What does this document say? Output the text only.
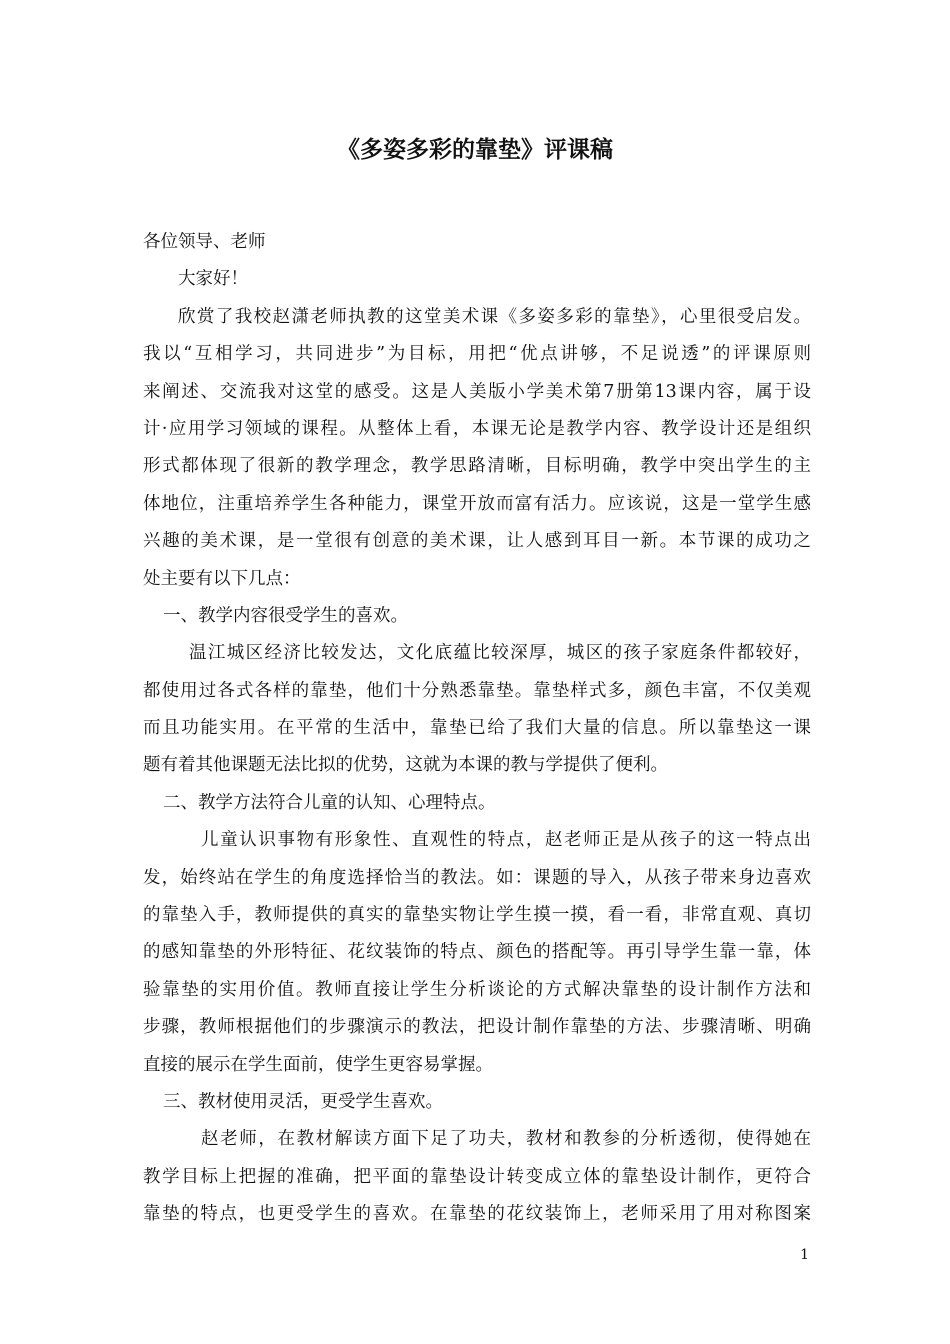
《多姿多彩的靠垫》评课稿
各位领导、老师
大家好！
欣赏了我校赵潇老师执教的这堂美术课《多姿多彩的靠垫》，心里很受启发。
我以“互相学习，共同进步”为目标，用把“优点讲够，不足说透”的评课原则
来阐述、交流我对这堂的感受。这是人美版小学美术第7册第13课内容，属于设
计·应用学习领域的课程。从整体上看，本课无论是教学内容、教学设计还是组织
形式都体现了很新的教学理念，教学思路清晰，目标明确，教学中突出学生的主
体地位，注重培养学生各种能力，课堂开放而富有活力。应该说，这是一堂学生感
兴趣的美术课，是一堂很有创意的美术课，让人感到耳目一新。本节课的成功之
处主要有以下几点：
一、教学内容很受学生的喜欢。
温江城区经济比较发达，文化底蕴比较深厚，城区的孩子家庭条件都较好，
都使用过各式各样的靠垫，他们十分熟悉靠垫。靠垫样式多，颜色丰富，不仅美观
而且功能实用。在平常的生活中，靠垫已给了我们大量的信息。所以靠垫这一课
题有着其他课题无法比拟的优势，这就为本课的教与学提供了便利。
二、教学方法符合儿童的认知、心理特点。
儿童认识事物有形象性、直观性的特点，赵老师正是从孩子的这一特点出
发，始终站在学生的角度选择恰当的教法。如：课题的导入，从孩子带来身边喜欢
的靠垫入手，教师提供的真实的靠垫实物让学生摸一摸，看一看，非常直观、真切
的感知靠垫的外形特征、花纹装饰的特点、颜色的搭配等。再引导学生靠一靠，体
验靠垫的实用价值。教师直接让学生分析谈论的方式解决靠垫的设计制作方法和
步骤，教师根据他们的步骤演示的教法，把设计制作靠垫的方法、步骤清晰、明确
直接的展示在学生面前，使学生更容易掌握。
三、教材使用灵活，更受学生喜欢。
赵老师，在教材解读方面下足了功夫，教材和教参的分析透彻，使得她在
教学目标上把握的准确，把平面的靠垫设计转变成立体的靠垫设计制作，更符合
靠垫的特点，也更受学生的喜欢。在靠垫的花纹装饰上，老师采用了用对称图案
1
